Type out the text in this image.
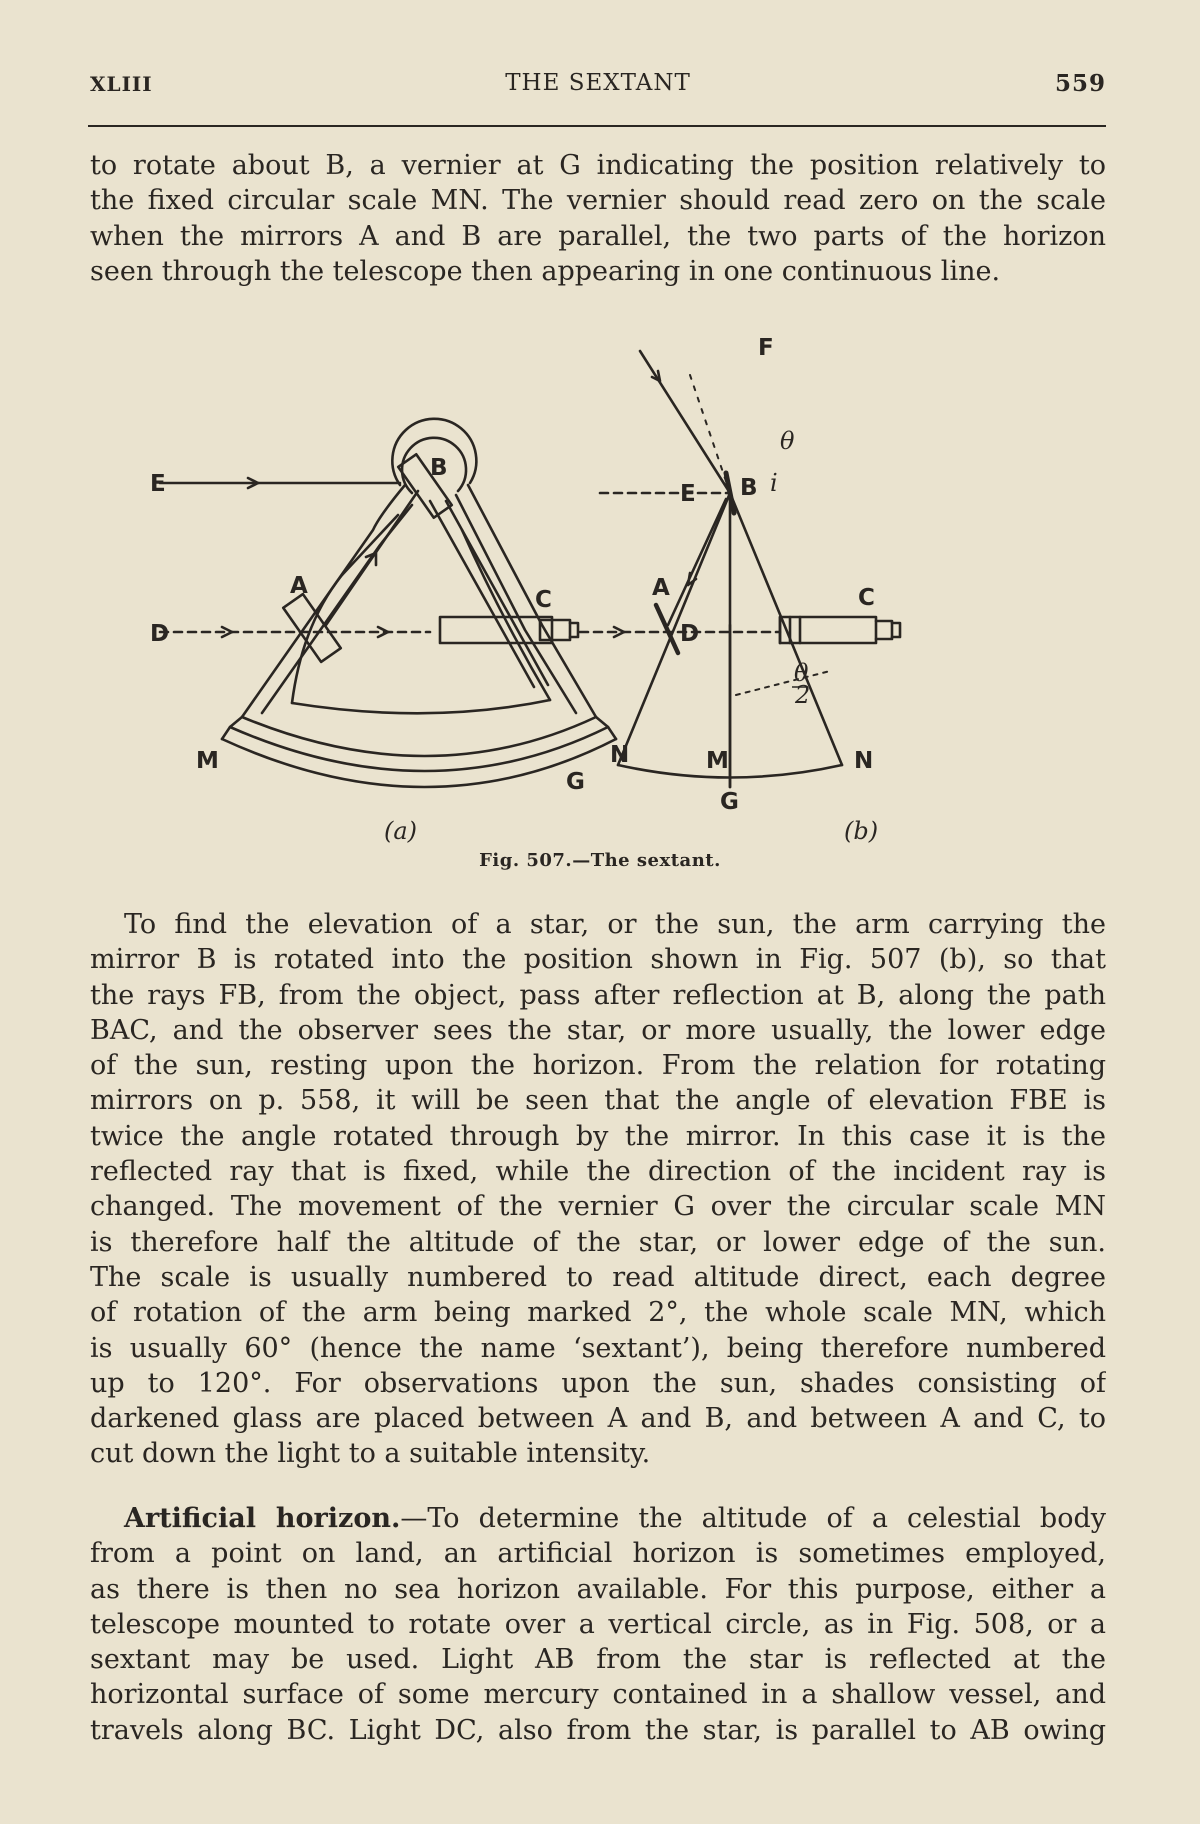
XLIII	THE SEXTANT	559
to rotate about B, a vernier at G indicating the position relatively to
the fixed circular scale MN. The vernier should read zero on the scale
when the mirrors A and B are parallel, the two parts of the horizon
seen through the telescope then appearing in one continuous line.
E
D
A
B
C
M	N
G
(a)
F
E
D
A
B
C
M	N
G
θ
i
θ
2
(b)
Fig. 507.—The sextant.
To find the elevation of a star, or the sun, the arm carrying the
mirror B is rotated into the position shown in Fig. 507 (b), so that
the rays FB, from the object, pass after reflection at B, along the path
BAC, and the observer sees the star, or more usually, the lower edge
of the sun, resting upon the horizon. From the relation for rotating
mirrors on p. 558, it will be seen that the angle of elevation FBE is
twice the angle rotated through by the mirror. In this case it is the
reflected ray that is fixed, while the direction of the incident ray is
changed. The movement of the vernier G over the circular scale MN
is therefore half the altitude of the star, or lower edge of the sun.
The scale is usually numbered to read altitude direct, each degree
of rotation of the arm being marked 2°, the whole scale MN, which
is usually 60° (hence the name ‘sextant’), being therefore numbered
up to 120°. For observations upon the sun, shades consisting of
darkened glass are placed between A and B, and between A and C, to
cut down the light to a suitable intensity.
Artificial horizon.—To determine the altitude of a celestial body
from a point on land, an artificial horizon is sometimes employed,
as there is then no sea horizon available. For this purpose, either a
telescope mounted to rotate over a vertical circle, as in Fig. 508, or a
sextant may be used. Light AB from the star is reflected at the
horizontal surface of some mercury contained in a shallow vessel, and
travels along BC. Light DC, also from the star, is parallel to AB owing
